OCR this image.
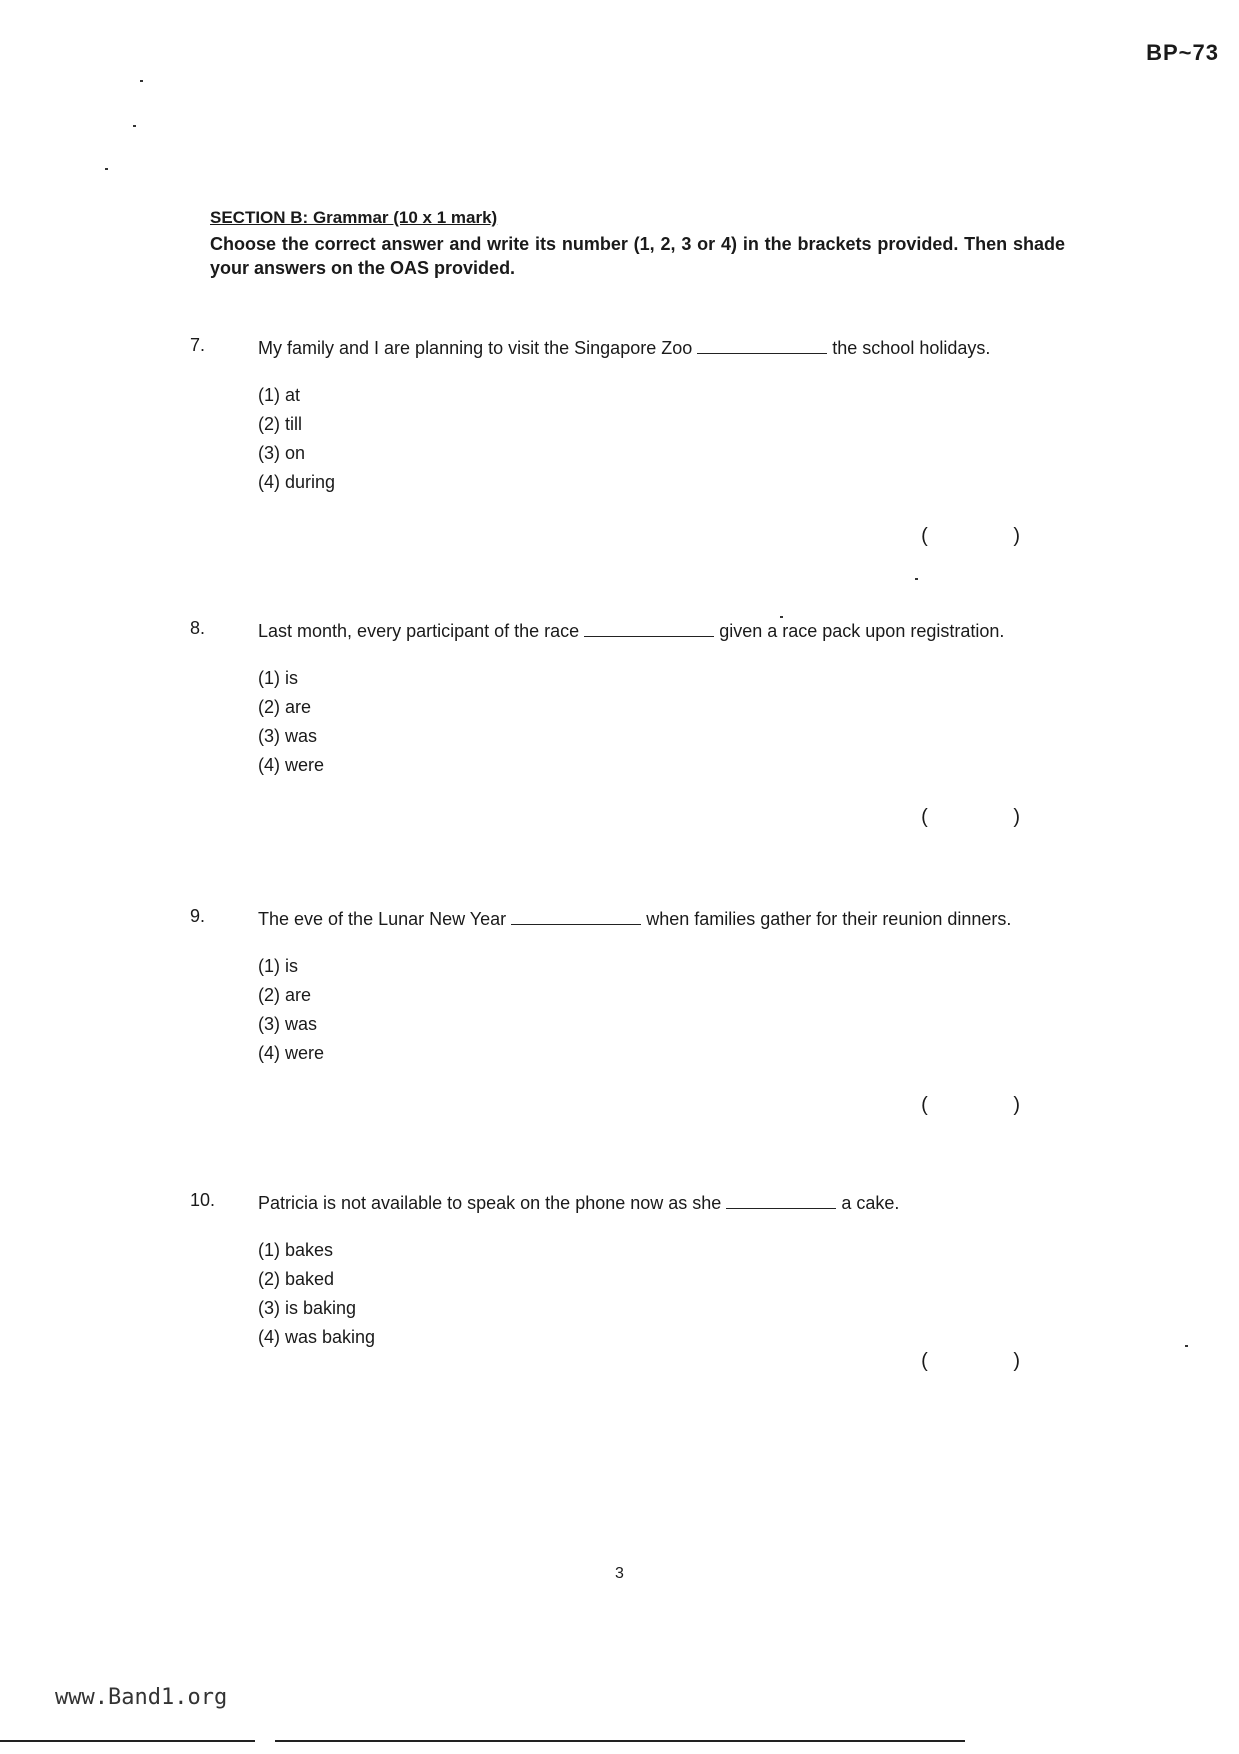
BP~73
SECTION B: Grammar (10 x 1 mark)
Choose the correct answer and write its number (1, 2, 3 or 4) in the brackets provided. Then shade your answers on the OAS provided.
7.	My family and I are planning to visit the Singapore Zoo	the school holidays.

(1) at
(2) till
(3) on
(4) during
( )
8.	Last month, every participant of the race	given a race pack upon registration.

(1) is
(2) are
(3) was
(4) were
( )
9.	The eve of the Lunar New Year	when families gather for their reunion dinners.

(1) is
(2) are
(3) was
(4) were
( )
10.	Patricia is not available to speak on the phone now as she	a cake.

(1) bakes
(2) baked
(3) is baking
(4) was baking
( )
3
www.Band1.org
